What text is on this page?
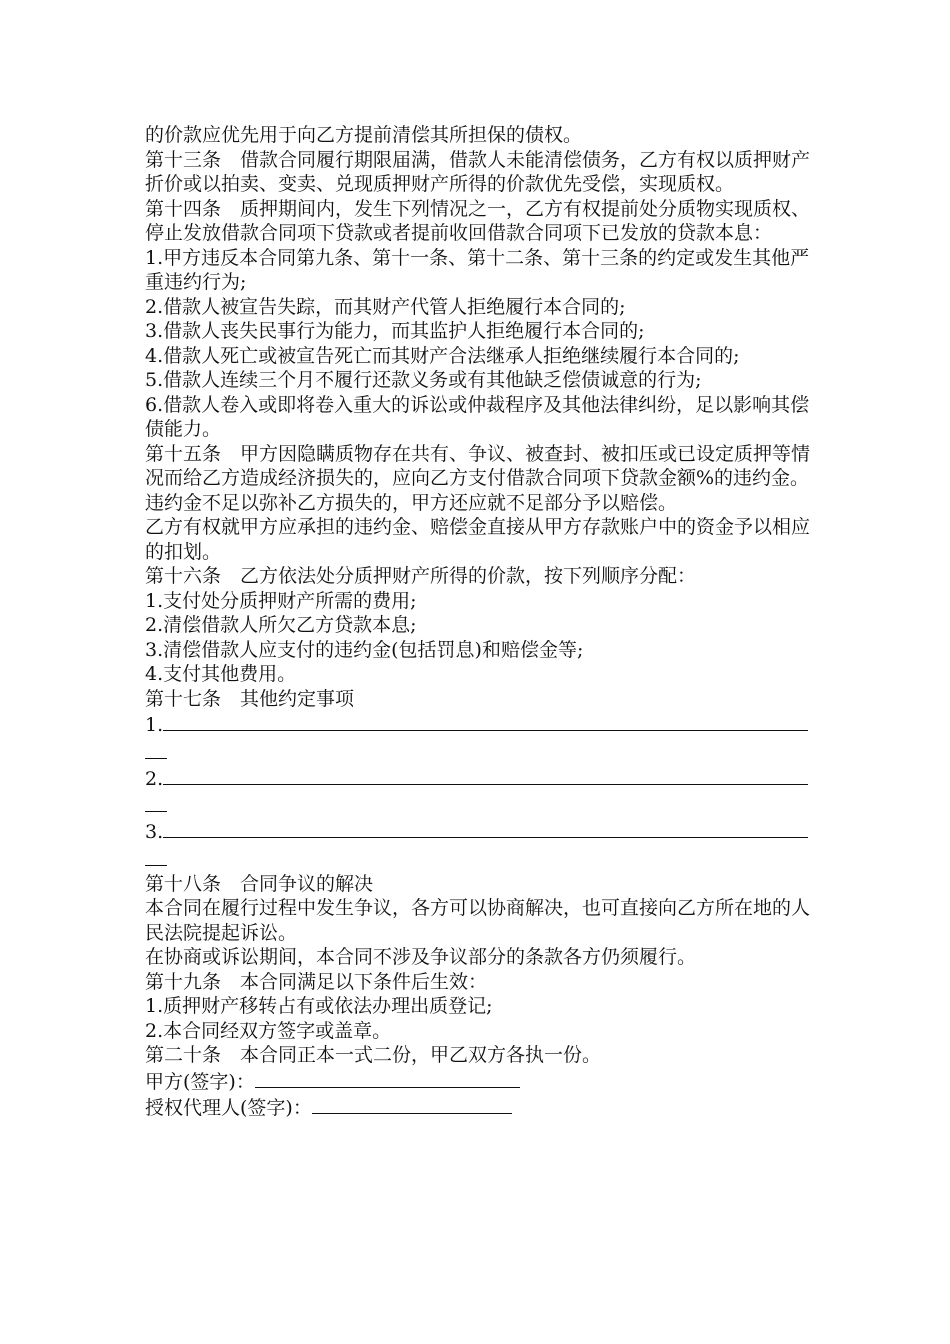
的价款应优先用于向乙方提前清偿其所担保的债权。

第十三条　借款合同履行期限届满，借款人未能清偿债务，乙方有权以质押财产折价或以拍卖、变卖、兑现质押财产所得的价款优先受偿，实现质权。

第十四条　质押期间内，发生下列情况之一，乙方有权提前处分质物实现质权、停止发放借款合同项下贷款或者提前收回借款合同项下已发放的贷款本息：

1.甲方违反本合同第九条、第十一条、第十二条、第十三条的约定或发生其他严重违约行为;

2.借款人被宣告失踪，而其财产代管人拒绝履行本合同的;

3.借款人丧失民事行为能力，而其监护人拒绝履行本合同的;

4.借款人死亡或被宣告死亡而其财产合法继承人拒绝继续履行本合同的;

5.借款人连续三个月不履行还款义务或有其他缺乏偿债诚意的行为;

6.借款人卷入或即将卷入重大的诉讼或仲裁程序及其他法律纠纷，足以影响其偿债能力。

第十五条　甲方因隐瞒质物存在共有、争议、被查封、被扣压或已设定质押等情况而给乙方造成经济损失的，应向乙方支付借款合同项下贷款金额%的违约金。

违约金不足以弥补乙方损失的，甲方还应就不足部分予以赔偿。

乙方有权就甲方应承担的违约金、赔偿金直接从甲方存款账户中的资金予以相应的扣划。

第十六条　乙方依法处分质押财产所得的价款，按下列顺序分配：

1.支付处分质押财产所需的费用;

2.清偿借款人所欠乙方贷款本息;

3.清偿借款人应支付的违约金(包括罚息)和赔偿金等;

4.支付其他费用。

第十七条　其他约定事项

1.
2.
3.

第十八条　合同争议的解决

本合同在履行过程中发生争议，各方可以协商解决，也可直接向乙方所在地的人民法院提起诉讼。

在协商或诉讼期间，本合同不涉及争议部分的条款各方仍须履行。

第十九条　本合同满足以下条件后生效：

1.质押财产移转占有或依法办理出质登记;

2.本合同经双方签字或盖章。

第二十条　本合同正本一式二份，甲乙双方各执一份。

甲方(签字)：
授权代理人(签字)：
